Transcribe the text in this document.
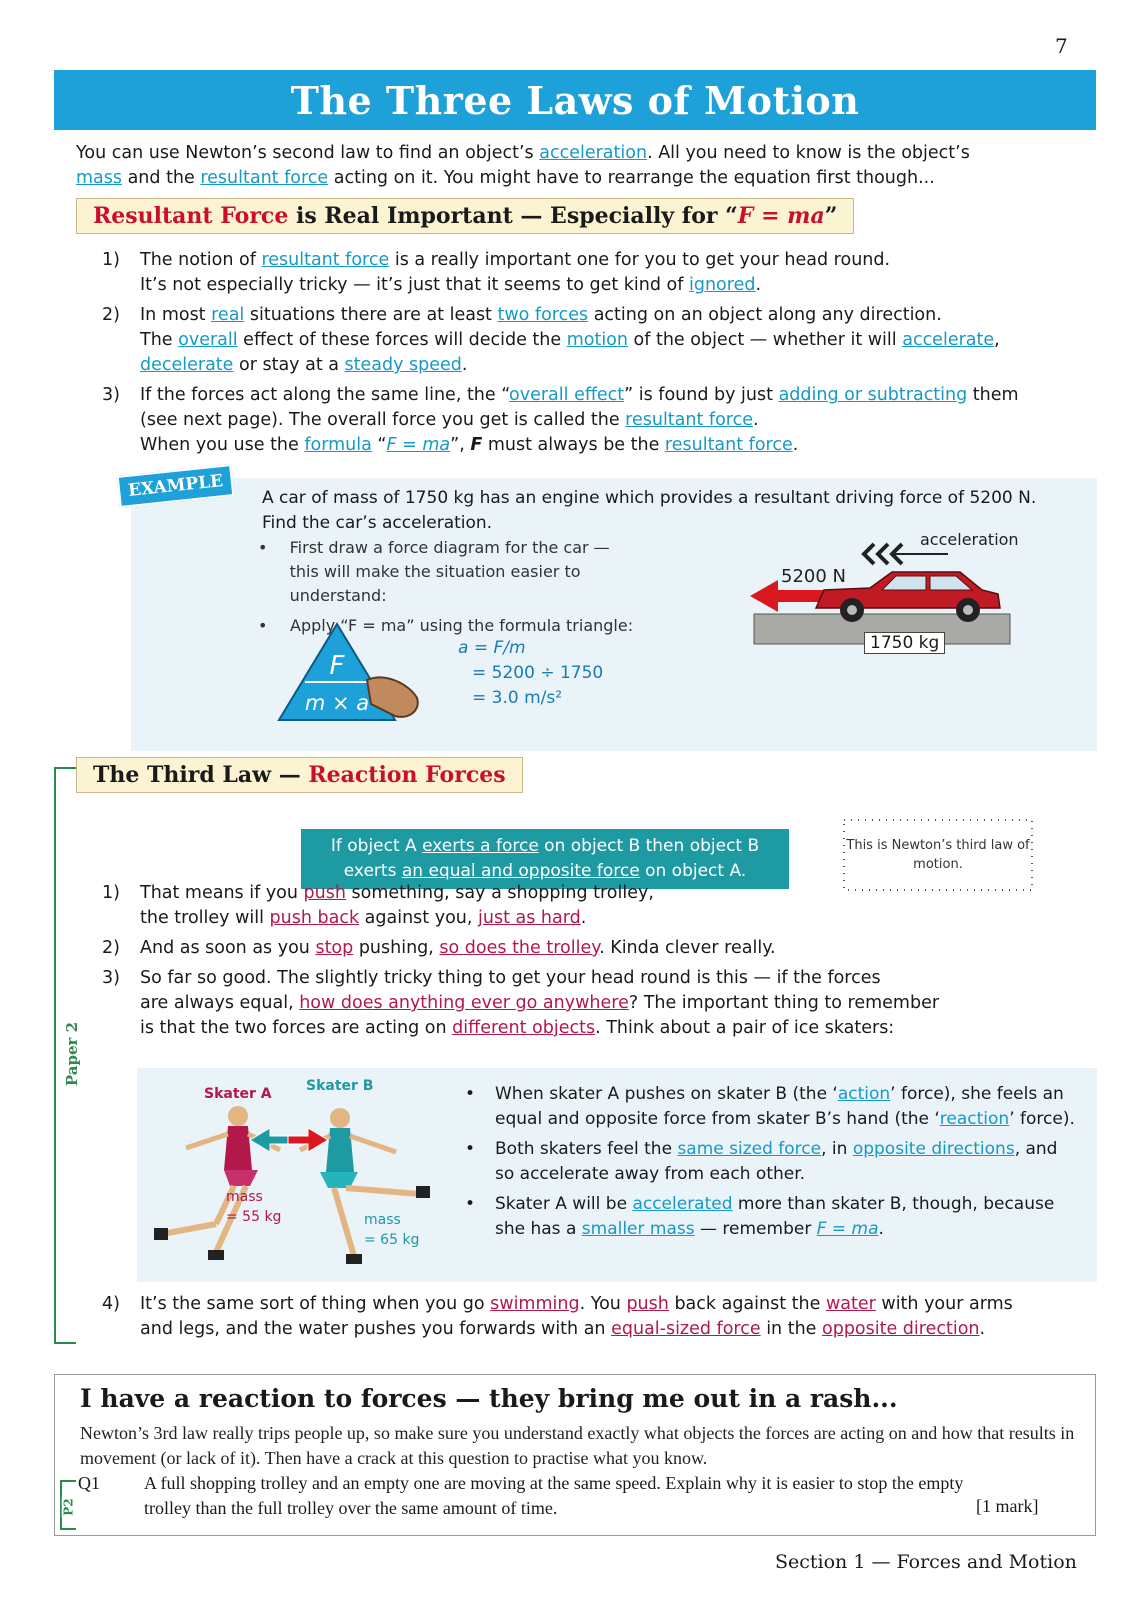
7
The Three Laws of Motion
You can use Newton’s second law to find an object’s acceleration. All you need to know is the object’s
mass and the resultant force acting on it. You might have to rearrange the equation first though...
Resultant Force is Real Important — Especially for “F = ma”
1)	The notion of resultant force is a really important one for you to get your head round.
It’s not especially tricky — it’s just that it seems to get kind of ignored.
2)	In most real situations there are at least two forces acting on an object along any direction.
The overall effect of these forces will decide the motion of the object — whether it will accelerate,
decelerate or stay at a steady speed.
3)	If the forces act along the same line, the “overall effect” is found by just adding or subtracting them
(see next page). The overall force you get is called the resultant force.
When you use the formula “F = ma”, F must always be the resultant force.
EXAMPLE	A car of mass of 1750 kg has an engine which provides a resultant driving force of 5200 N.
Find the car’s acceleration.
•	First draw a force diagram for the car —
this will make the situation easier to understand:
•	Apply “F = ma” using the formula triangle:
F
m × a
a = F/m
= 5200 ÷ 1750
= 3.0 m/s²
acceleration
5200 N
1750 kg
Paper 2
The Third Law — Reaction Forces
If object A exerts a force on object B then object B
exerts an equal and opposite force on object A.
This is Newton’s third law of motion.
1)	That means if you push something, say a shopping trolley,
the trolley will push back against you, just as hard.
2)	And as soon as you stop pushing, so does the trolley. Kinda clever really.
3)	So far so good. The slightly tricky thing to get your head round is this — if the forces
are always equal, how does anything ever go anywhere? The important thing to remember
is that the two forces are acting on different objects. Think about a pair of ice skaters:
Skater A Skater B
mass
= 55 kg	mass
= 65 kg
•	When skater A pushes on skater B (the ‘action’ force), she feels an equal and opposite force from skater B’s hand (the ‘reaction’ force).
•	Both skaters feel the same sized force, in opposite directions, and so accelerate away from each other.
•	Skater A will be accelerated more than skater B, though, because she has a smaller mass — remember F = ma.
4)	It’s the same sort of thing when you go swimming. You push back against the water with your arms
and legs, and the water pushes you forwards with an equal-sized force in the opposite direction.
I have a reaction to forces — they bring me out in a rash...
Newton’s 3rd law really trips people up, so make sure you understand exactly what objects the forces are acting on and how that results in movement (or lack of it). Then have a crack at this question to practise what you know.
P2
Q1	A full shopping trolley and an empty one are moving at the same speed. Explain why it is easier to stop the empty trolley than the full trolley over the same amount of time.	[1 mark]
Section 1 — Forces and Motion
